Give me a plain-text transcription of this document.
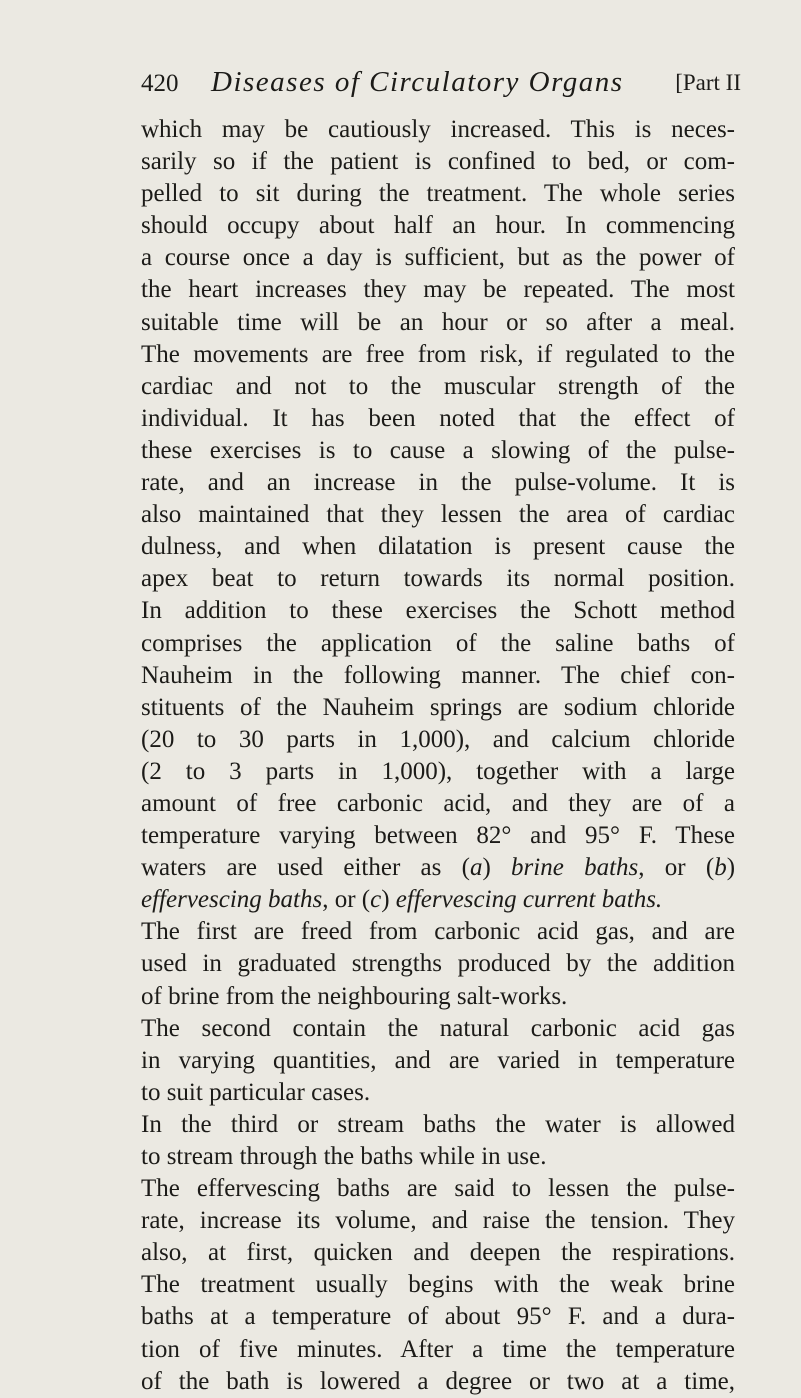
420 Diseases of Circulatory Organs [Part II
which may be cautiously increased. This is neces-
sarily so if the patient is confined to bed, or com-
pelled to sit during the treatment. The whole series
should occupy about half an hour. In commencing
a course once a day is sufficient, but as the power of
the heart increases they may be repeated. The most
suitable time will be an hour or so after a meal.
The movements are free from risk, if regulated to the
cardiac and not to the muscular strength of the
individual. It has been noted that the effect of
these exercises is to cause a slowing of the pulse-
rate, and an increase in the pulse-volume. It is
also maintained that they lessen the area of cardiac
dulness, and when dilatation is present cause the
apex beat to return towards its normal position.
In addition to these exercises the Schott method
comprises the application of the saline baths of
Nauheim in the following manner. The chief con-
stituents of the Nauheim springs are sodium chloride
(20 to 30 parts in 1,000), and calcium chloride
(2 to 3 parts in 1,000), together with a large
amount of free carbonic acid, and they are of a
temperature varying between 82° and 95° F. These
waters are used either as (a) brine baths, or (b)
effervescing baths, or (c) effervescing current baths.
The first are freed from carbonic acid gas, and are
used in graduated strengths produced by the addition
of brine from the neighbouring salt-works.
The second contain the natural carbonic acid gas
in varying quantities, and are varied in temperature
to suit particular cases.
In the third or stream baths the water is allowed
to stream through the baths while in use.
The effervescing baths are said to lessen the pulse-
rate, increase its volume, and raise the tension. They
also, at first, quicken and deepen the respirations.
The treatment usually begins with the weak brine
baths at a temperature of about 95° F. and a dura-
tion of five minutes. After a time the temperature
of the bath is lowered a degree or two at a time,
